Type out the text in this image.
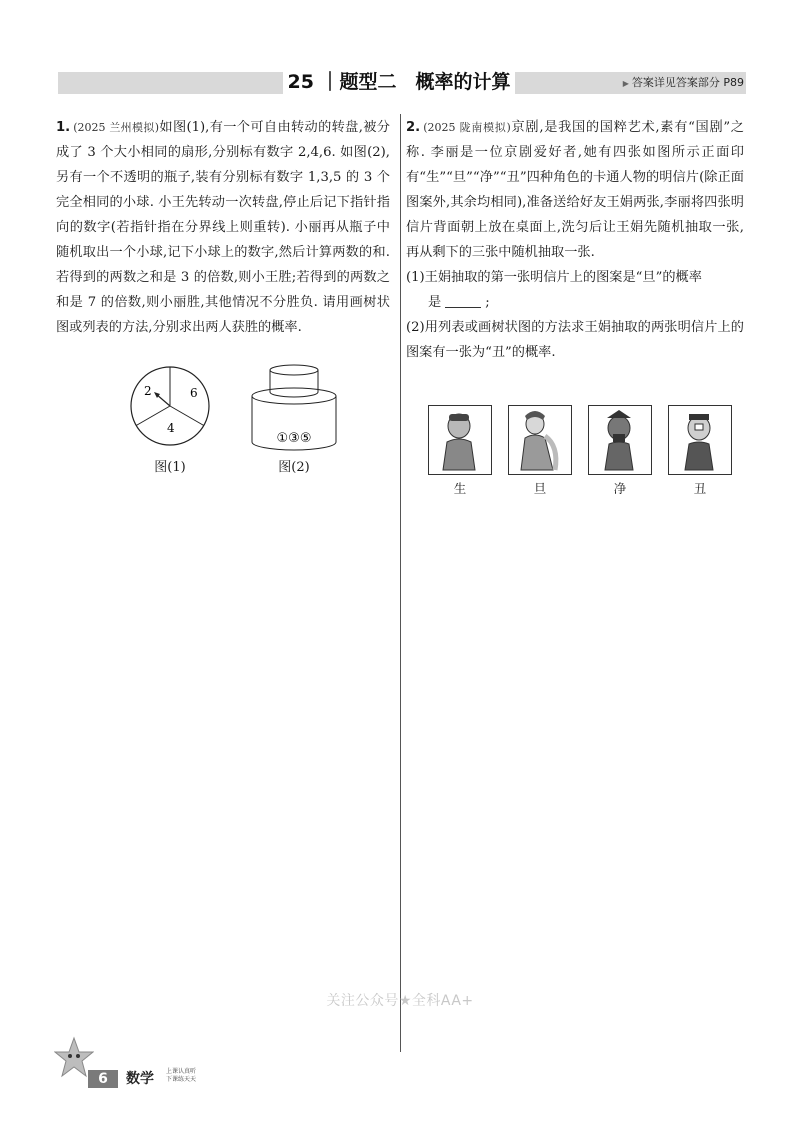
25 ｜题型二　概率的计算	▶ 答案详见答案部分 P89
1. (2025 兰州模拟)如图(1),有一个可自由转动的转盘,被分成了 3 个大小相同的扇形,分别标有数字 2,4,6. 如图(2),另有一个不透明的瓶子,装有分别标有数字 1,3,5 的 3 个完全相同的小球. 小王先转动一次转盘,停止后记下指针指向的数字(若指针指在分界线上则重转). 小丽再从瓶子中随机取出一个小球,记下小球上的数字,然后计算两数的和. 若得到的两数之和是 3 的倍数,则小王胜;若得到的两数之和是 7 的倍数,则小丽胜,其他情况不分胜负. 请用画树状图或列表的方法,分别求出两人获胜的概率.
2	6
4
①③⑤
图(1)	图(2)
2. (2025 陇南模拟)京剧,是我国的国粹艺术,素有“国剧”之称. 李丽是一位京剧爱好者,她有四张如图所示正面印有“生”“旦”“净”“丑”四种角色的卡通人物的明信片(除正面图案外,其余均相同),准备送给好友王娟两张,李丽将四张明信片背面朝上放在桌面上,洗匀后让王娟先随机抽取一张,再从剩下的三张中随机抽取一张.
(1)王娟抽取的第一张明信片上的图案是“旦”的概率
是	;
(2)用列表或画树状图的方法求王娟抽取的两张明信片上的图案有一张为“丑”的概率.
生	旦	净	丑
关注公众号★全科AA+
6	数学 上课认真听
下课练天天
